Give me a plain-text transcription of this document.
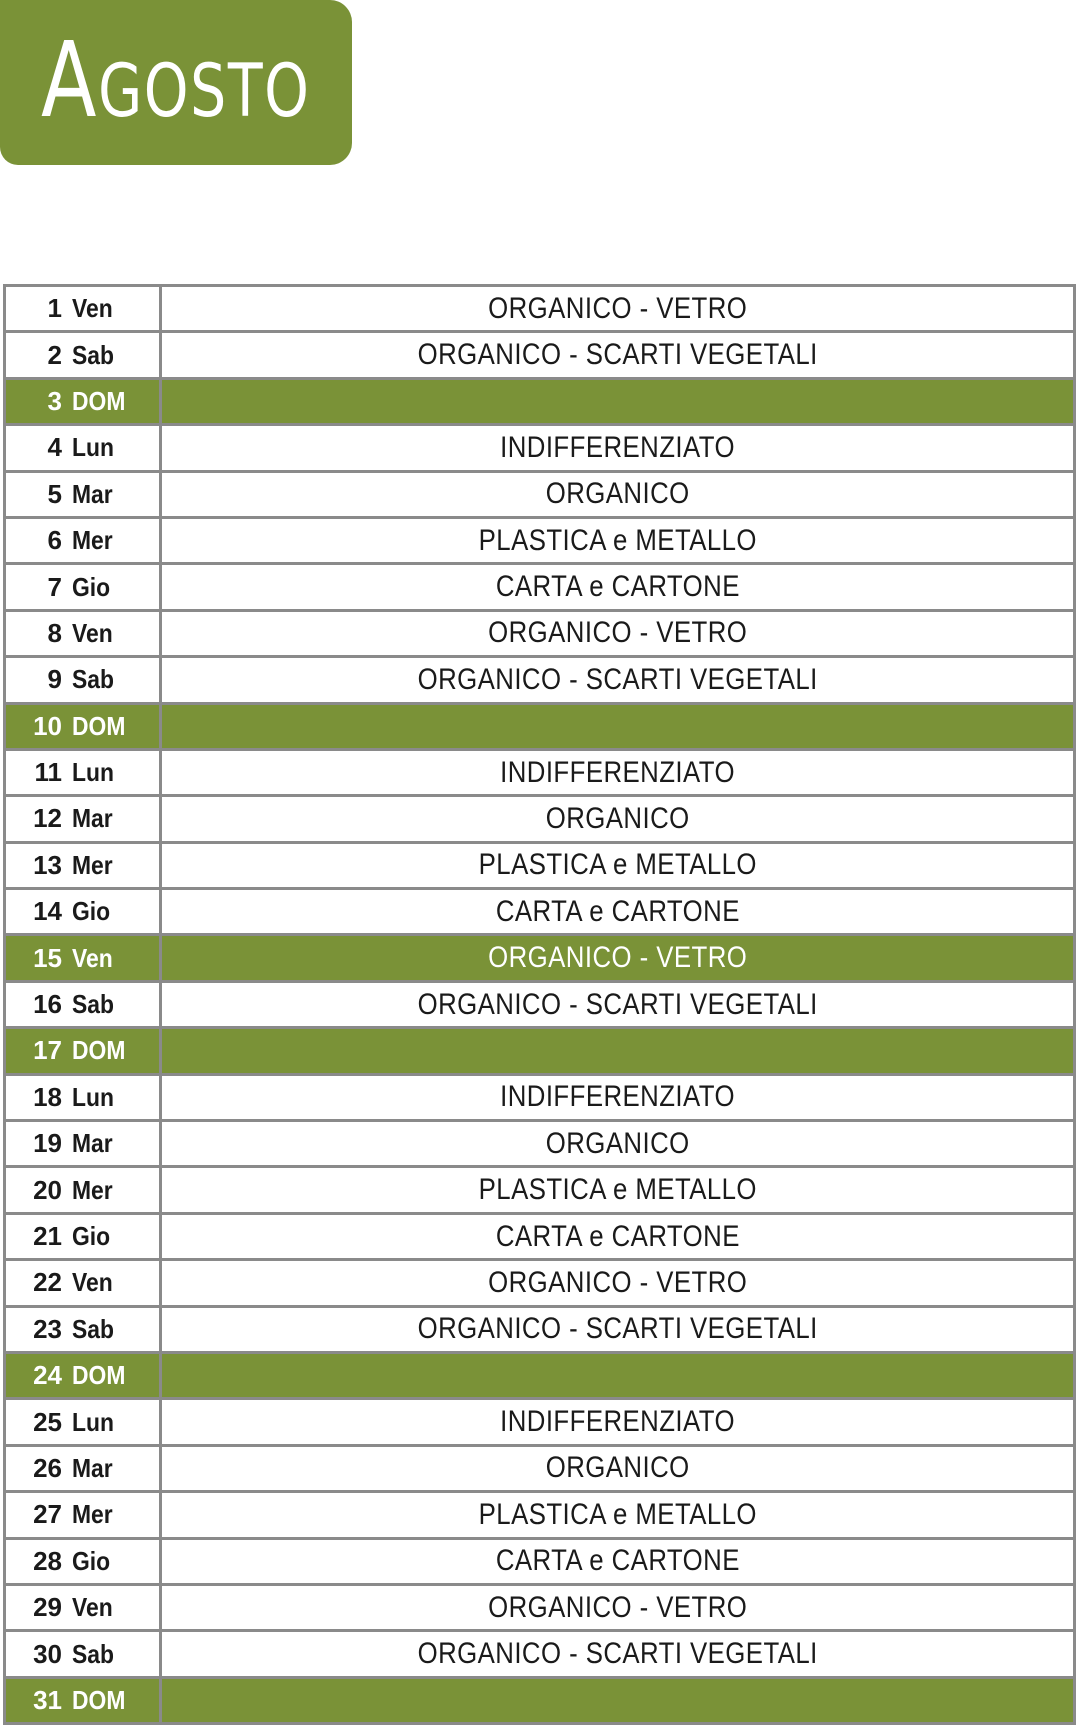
Agosto
1 Ven	ORGANICO - VETRO
2 Sab	ORGANICO - SCARTI VEGETALI
3 DOM	
4 Lun	INDIFFERENZIATO
5 Mar	ORGANICO
6 Mer	PLASTICA e METALLO
7 Gio	CARTA e CARTONE
8 Ven	ORGANICO - VETRO
9 Sab	ORGANICO - SCARTI VEGETALI
10 DOM	
11 Lun	INDIFFERENZIATO
12 Mar	ORGANICO
13 Mer	PLASTICA e METALLO
14 Gio	CARTA e CARTONE
15 Ven	ORGANICO - VETRO
16 Sab	ORGANICO - SCARTI VEGETALI
17 DOM	
18 Lun	INDIFFERENZIATO
19 Mar	ORGANICO
20 Mer	PLASTICA e METALLO
21 Gio	CARTA e CARTONE
22 Ven	ORGANICO - VETRO
23 Sab	ORGANICO - SCARTI VEGETALI
24 DOM	
25 Lun	INDIFFERENZIATO
26 Mar	ORGANICO
27 Mer	PLASTICA e METALLO
28 Gio	CARTA e CARTONE
29 Ven	ORGANICO - VETRO
30 Sab	ORGANICO - SCARTI VEGETALI
31 DOM	
